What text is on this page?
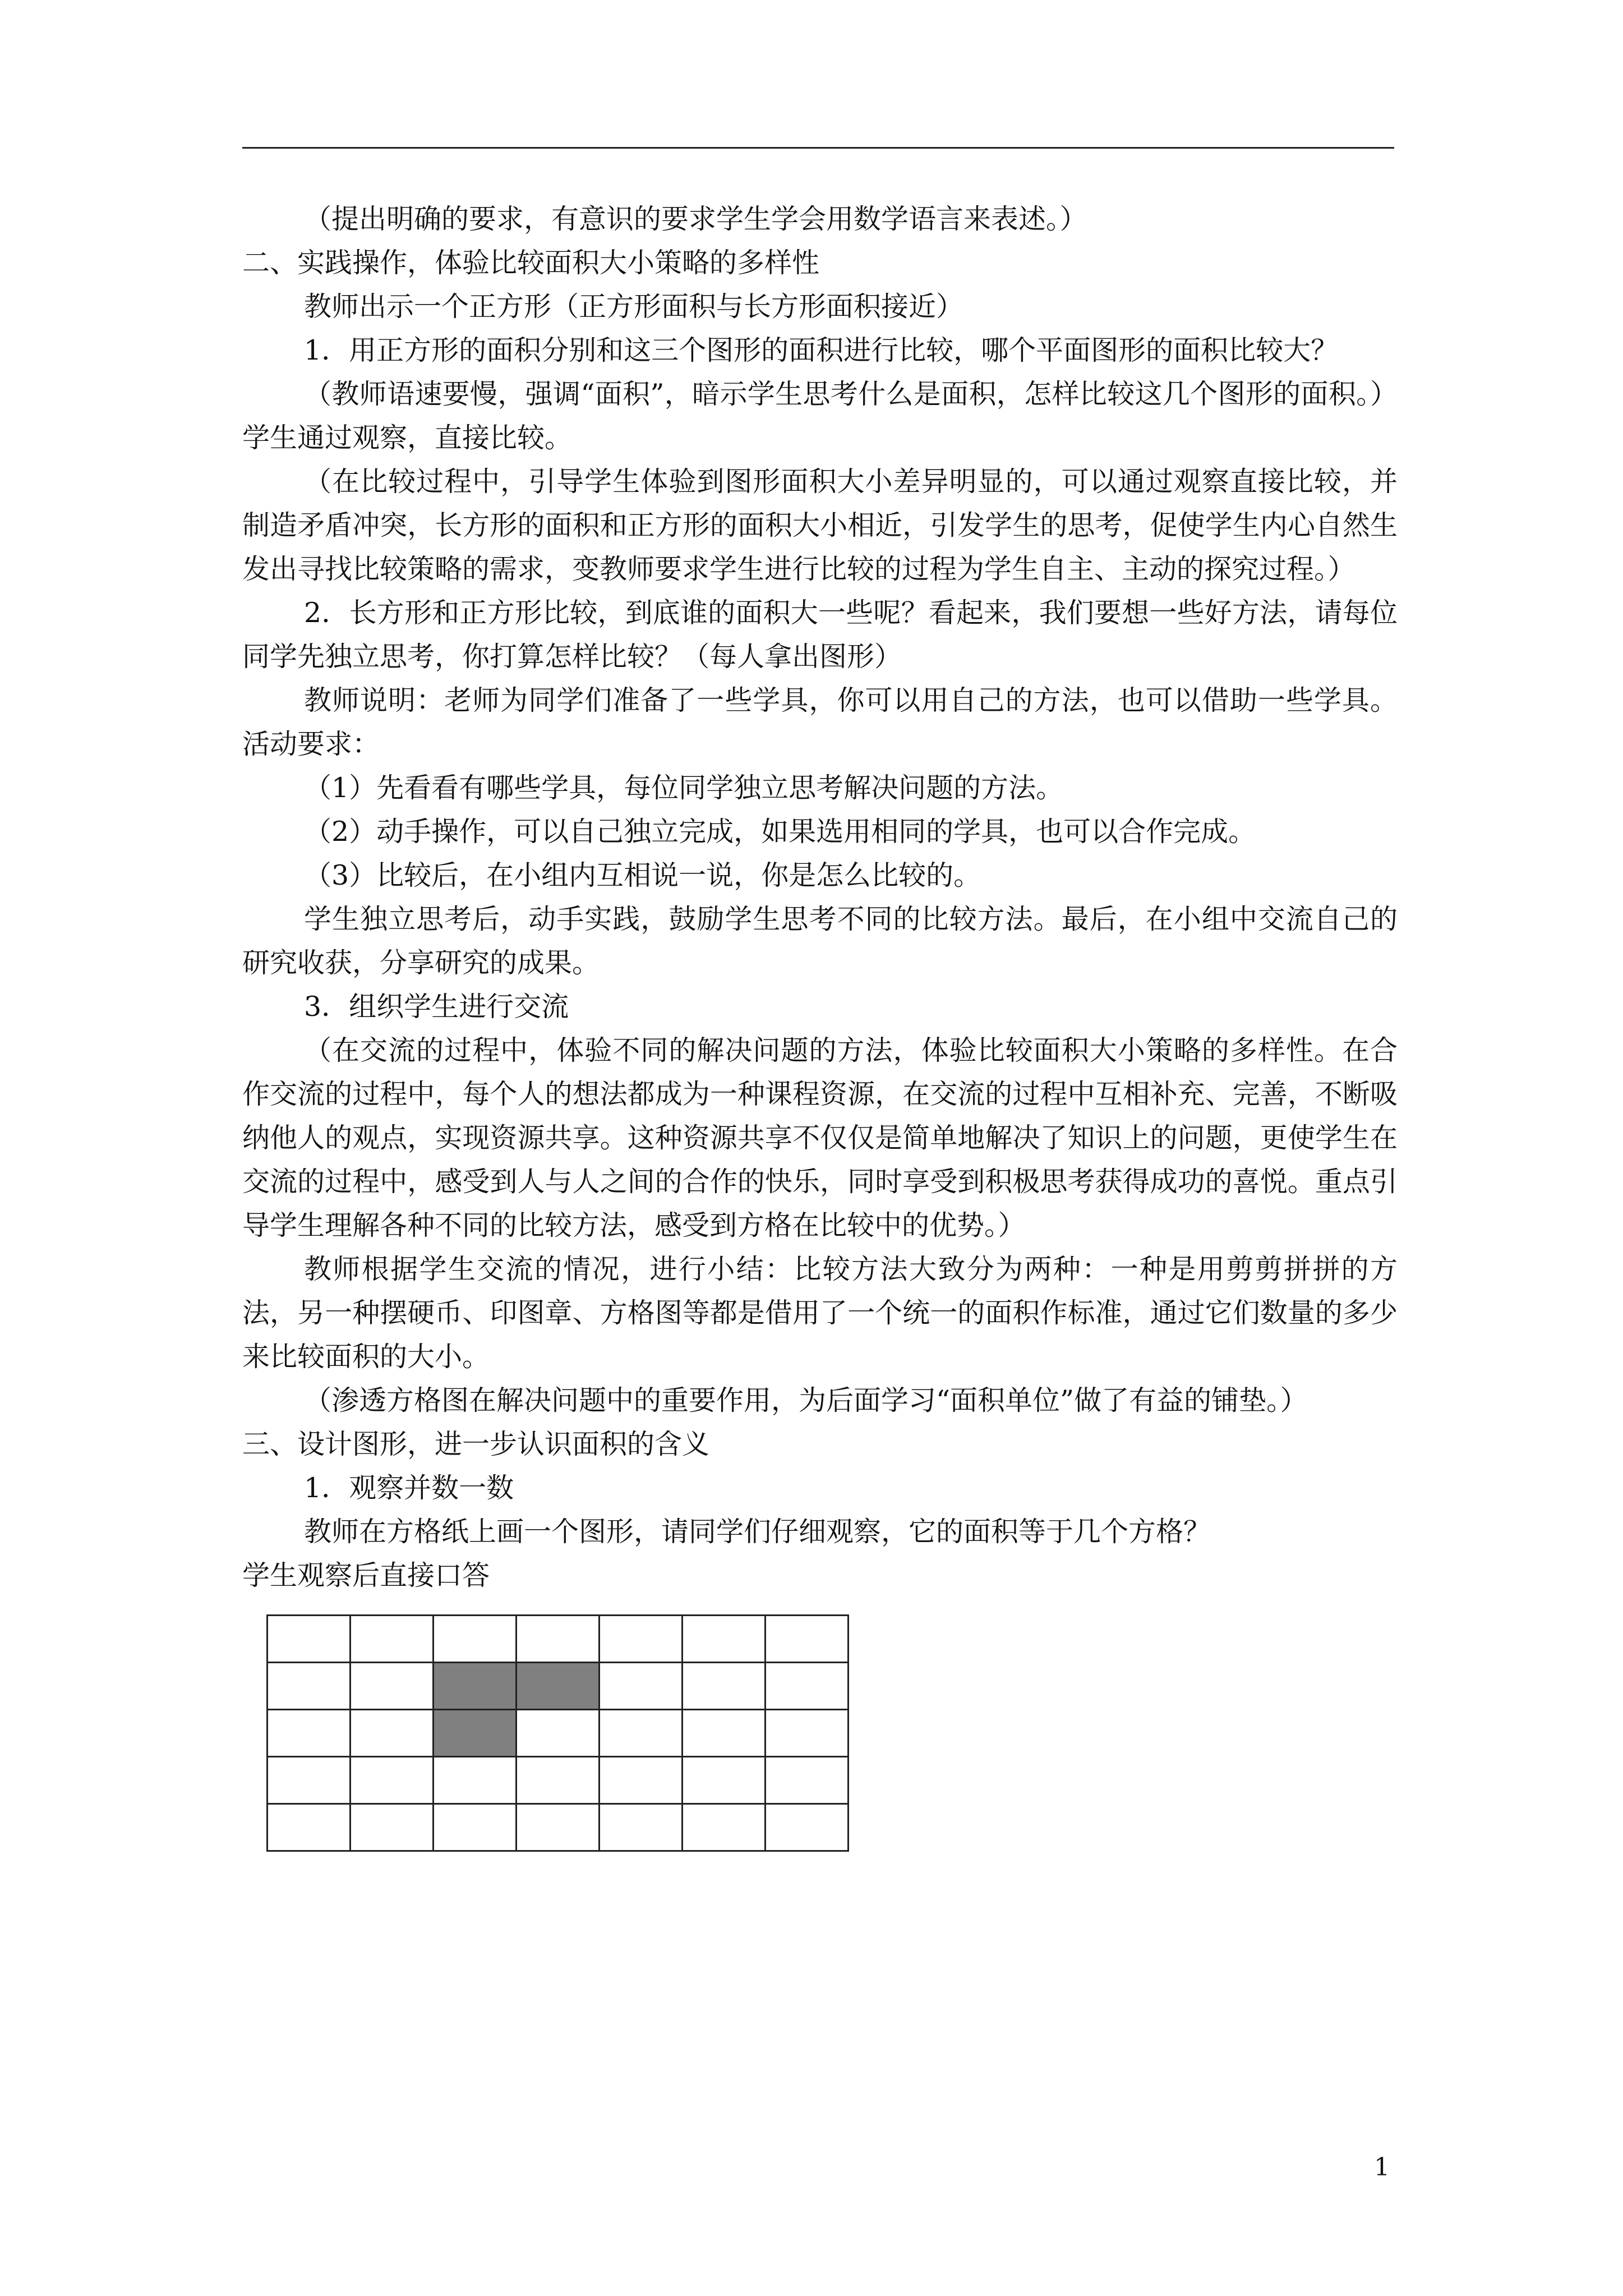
（提出明确的要求，有意识的要求学生学会用数学语言来表述。）

二、实践操作，体验比较面积大小策略的多样性

教师出示一个正方形（正方形面积与长方形面积接近）

1．用正方形的面积分别和这三个图形的面积进行比较，哪个平面图形的面积比较大？

（教师语速要慢，强调“面积”，暗示学生思考什么是面积，怎样比较这几个图形的面积。）学生通过观察，直接比较。

（在比较过程中，引导学生体验到图形面积大小差异明显的，可以通过观察直接比较，并制造矛盾冲突，长方形的面积和正方形的面积大小相近，引发学生的思考，促使学生内心自然生发出寻找比较策略的需求，变教师要求学生进行比较的过程为学生自主、主动的探究过程。）

2．长方形和正方形比较，到底谁的面积大一些呢？看起来，我们要想一些好方法，请每位同学先独立思考，你打算怎样比较？（每人拿出图形）

教师说明：老师为同学们准备了一些学具，你可以用自己的方法，也可以借助一些学具。活动要求：

（1）先看看有哪些学具，每位同学独立思考解决问题的方法。

（2）动手操作，可以自己独立完成，如果选用相同的学具，也可以合作完成。

（3）比较后，在小组内互相说一说，你是怎么比较的。

学生独立思考后，动手实践，鼓励学生思考不同的比较方法。最后，在小组中交流自己的研究收获，分享研究的成果。

3．组织学生进行交流

（在交流的过程中，体验不同的解决问题的方法，体验比较面积大小策略的多样性。在合作交流的过程中，每个人的想法都成为一种课程资源，在交流的过程中互相补充、完善，不断吸纳他人的观点，实现资源共享。这种资源共享不仅仅是简单地解决了知识上的问题，更使学生在交流的过程中，感受到人与人之间的合作的快乐，同时享受到积极思考获得成功的喜悦。重点引导学生理解各种不同的比较方法，感受到方格在比较中的优势。）

教师根据学生交流的情况，进行小结：比较方法大致分为两种：一种是用剪剪拼拼的方法，另一种摆硬币、印图章、方格图等都是借用了一个统一的面积作标准，通过它们数量的多少来比较面积的大小。

（渗透方格图在解决问题中的重要作用，为后面学习“面积单位”做了有益的铺垫。）

三、设计图形，进一步认识面积的含义

1．观察并数一数

教师在方格纸上画一个图形，请同学们仔细观察，它的面积等于几个方格？

学生观察后直接口答

1
